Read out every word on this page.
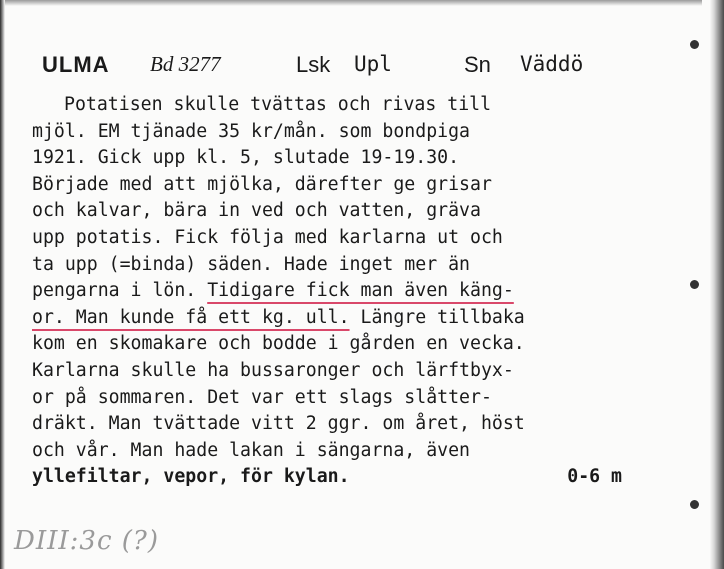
ULMA Bd 3277	Lsk Upl	Sn Väddö
Potatisen skulle tvättas och rivas till
mjöl. EM tjänade 35 kr/mån. som bondpiga
1921. Gick upp kl. 5, slutade 19-19.30.
Började med att mjölka, därefter ge grisar
och kalvar, bära in ved och vatten, gräva
upp potatis. Fick följa med karlarna ut och
ta upp (=binda) säden. Hade inget mer än
pengarna i lön. Tidigare fick man även käng-
or. Man kunde få ett kg. ull. Längre tillbaka
kom en skomakare och bodde i gården en vecka.
Karlarna skulle ha bussaronger och lärftbyx-
or på sommaren. Det var ett slags slåtter-
dräkt. Man tvättade vitt 2 ggr. om året, höst
och vår. Man hade lakan i sängarna, även
yllefiltar, vepor, för kylan.	0-6 m
DIII:3c (?)
